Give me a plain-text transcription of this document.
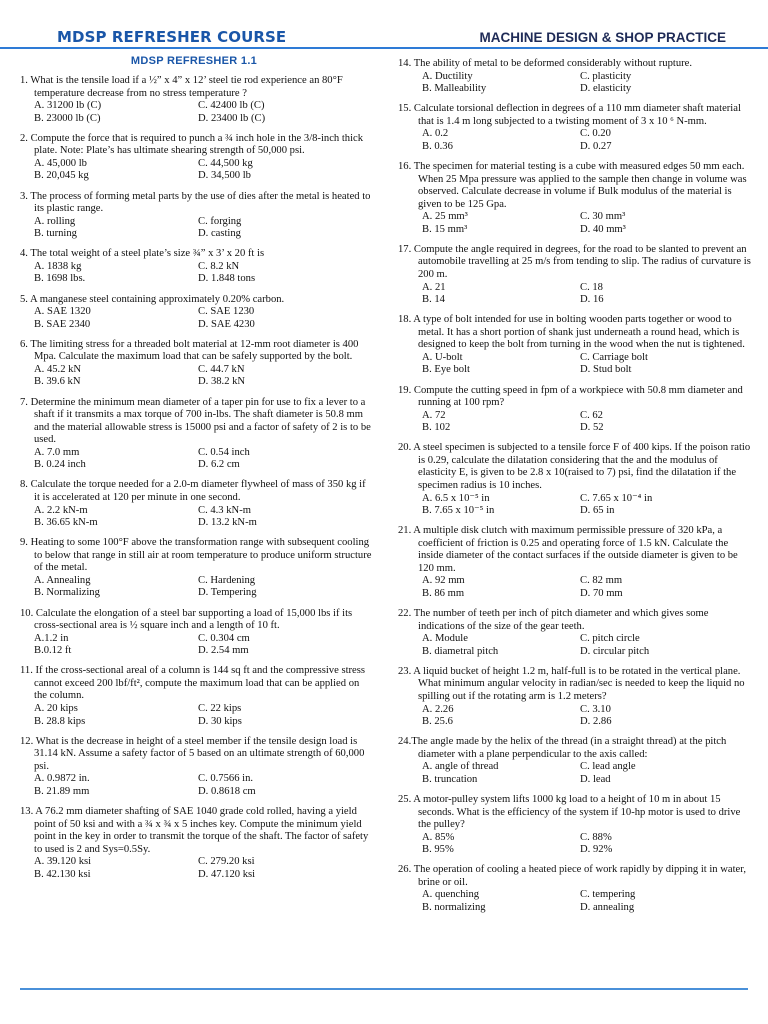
MDSP REFRESHER COURSE	MACHINE DESIGN & SHOP PRACTICE
MDSP REFRESHER 1.1
1. What is the tensile load if a ½” x 4” x 12’ steel tie rod experience an 80°F temperature decrease from no stress temperature ?
A. 31200 lb (C)	C. 42400 lb (C)
B. 23000 lb (C)	D. 23400 lb (C)
2. Compute the force that is required to punch a ¾ inch hole in the 3/8-inch thick plate. Note: Plate’s has ultimate shearing strength of 50,000 psi.
A. 45,000 lb	C. 44,500 kg
B. 20,045 kg	D. 34,500 lb
3. The process of forming metal parts by the use of dies after the metal is heated to its plastic range.
A. rolling	C. forging
B. turning	D. casting
4. The total weight of a steel plate’s size ¾” x 3’ x 20 ft is
A. 1838 kg	C. 8.2 kN
B. 1698 lbs.	D. 1.848 tons
5. A manganese steel containing approximately 0.20% carbon.
A. SAE 1320	C. SAE 1230
B. SAE 2340	D. SAE 4230
6. The limiting stress for a threaded bolt material at 12-mm root diameter is 400 Mpa. Calculate the maximum load that can be safely supported by the bolt.
A. 45.2 kN	C. 44.7 kN
B. 39.6 kN	D. 38.2 kN
7. Determine the minimum mean diameter of a taper pin for use to fix a lever to a shaft if it transmits a max torque of 700 in-lbs. The shaft diameter is 50.8 mm and the material allowable stress is 15000 psi and a factor of safety of 2 is to be used.
A. 7.0 mm	C. 0.54 inch
B. 0.24 inch	D. 6.2 cm
8. Calculate the torque needed for a 2.0-m diameter flywheel of mass of 350 kg if it is accelerated at 120 per minute in one second.
A. 2.2 kN-m	C. 4.3 kN-m
B. 36.65 kN-m	D. 13.2 kN-m
9. Heating to some 100°F above the transformation range with subsequent cooling to below that range in still air at room temperature to produce uniform structure of the metal.
A. Annealing	C. Hardening
B. Normalizing	D. Tempering
10. Calculate the elongation of a steel bar supporting a load of 15,000 lbs if its cross-sectional area is ½ square inch and a length of 10 ft.
A.1.2 in	C. 0.304 cm
B.0.12 ft	D. 2.54 mm
11. If the cross-sectional areal of a column is 144 sq ft and the compressive stress cannot exceed 200 lbf/ft², compute the maximum load that can be applied on the column.
A. 20 kips	C. 22 kips
B. 28.8 kips	D. 30 kips
12. What is the decrease in height of a steel member if the tensile design load is 31.14 kN. Assume a safety factor of 5 based on an ultimate strength of 60,000 psi.
A. 0.9872 in.	C. 0.7566 in.
B. 21.89 mm	D. 0.8618 cm
13. A 76.2 mm diameter shafting of SAE 1040 grade cold rolled, having a yield point of 50 ksi and with a ¾ x ¾ x 5 inches key. Compute the minimum yield point in the key in order to transmit the torque of the shaft. The factor of safety to used is 2 and Sys=0.5Sy.
A. 39.120 ksi	C. 279.20 ksi
B. 42.130 ksi	D. 47.120 ksi
14. The ability of metal to be deformed considerably without rupture.
A. Ductility	C. plasticity
B. Malleability	D. elasticity
15. Calculate torsional deflection in degrees of a 110 mm diameter shaft material that is 1.4 m long subjected to a twisting moment of 3 x 10 ⁶ N-mm.
A. 0.2	C. 0.20
B. 0.36	D. 0.27
16. The specimen for material testing is a cube with measured edges 50 mm each. When 25 Mpa pressure was applied to the sample then change in volume was observed. Calculate decrease in volume if Bulk modulus of the material is given to be 125 Gpa.
A. 25 mm³	C. 30 mm³
B. 15 mm³	D. 40 mm³
17. Compute the angle required in degrees, for the road to be slanted to prevent an automobile travelling at 25 m/s from tending to slip. The radius of curvature is 200 m.
A. 21	C. 18
B. 14	D. 16
18. A type of bolt intended for use in bolting wooden parts together or wood to metal. It has a short portion of shank just underneath a round head, which is designed to keep the bolt from turning in the wood when the nut is tightened.
A. U-bolt	C. Carriage bolt
B. Eye bolt	D. Stud bolt
19. Compute the cutting speed in fpm of a workpiece with 50.8 mm diameter and running at 100 rpm?
A. 72	C. 62
B. 102	D. 52
20. A steel specimen is subjected to a tensile force F of 400 kips. If the poison ratio is 0.29, calculate the dilatation considering that the and the modulus of elasticity E, is given to be 2.8 x 10(raised to 7) psi, find the dilatation if the specimen radius is 10 inches.
A. 6.5 x 10⁻⁵ in	C. 7.65 x 10⁻⁴ in
B. 7.65 x 10⁻⁵ in	D. 65 in
21. A multiple disk clutch with maximum permissible pressure of 320 kPa, a coefficient of friction is 0.25 and operating force of 1.5 kN. Calculate the inside diameter of the contact surfaces if the outside diameter is given to be 120 mm.
A. 92 mm	C. 82 mm
B. 86 mm	D. 70 mm
22. The number of teeth per inch of pitch diameter and which gives some indications of the size of the gear teeth.
A. Module	C. pitch circle
B. diametral pitch	D. circular pitch
23. A liquid bucket of height 1.2 m, half-full is to be rotated in the vertical plane. What minimum angular velocity in radian/sec is needed to keep the liquid no spilling out if the rotating arm is 1.2 meters?
A. 2.26	C. 3.10
B. 25.6	D. 2.86
24.The angle made by the helix of the thread (in a straight thread) at the pitch diameter with a plane perpendicular to the axis called:
A. angle of thread	C. lead angle
B. truncation	D. lead
25. A motor-pulley system lifts 1000 kg load to a height of 10 m in about 15 seconds. What is the efficiency of the system if 10-hp motor is used to drive the pulley?
A. 85%	C. 88%
B. 95%	D. 92%
26. The operation of cooling a heated piece of work rapidly by dipping it in water, brine or oil.
A. quenching	C. tempering
B. normalizing	D. annealing
